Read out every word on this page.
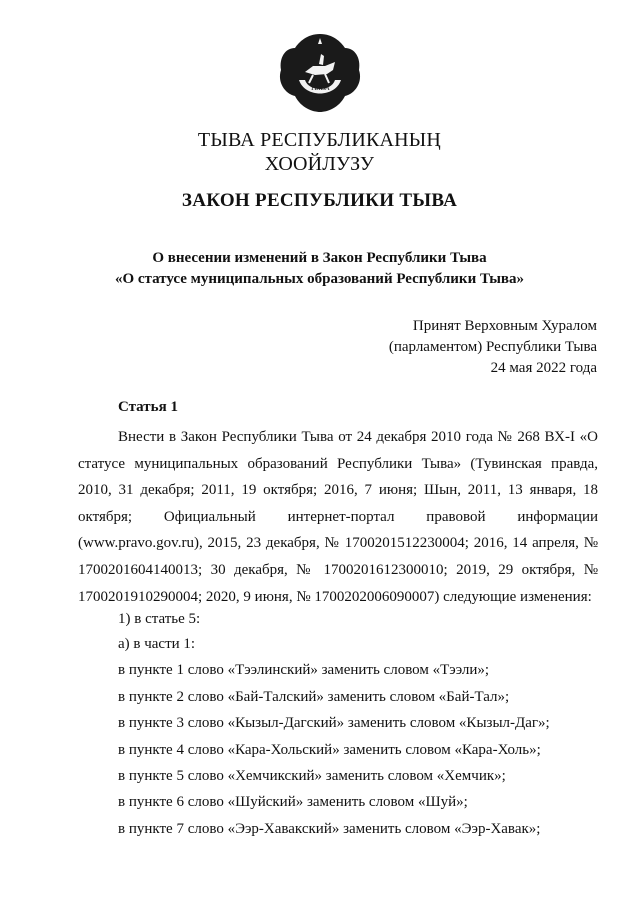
ТЫВА
ТЫВА РЕСПУБЛИКАНЫҢ
ХООЙЛУЗУ
ЗАКОН РЕСПУБЛИКИ ТЫВА
О внесении изменений в Закон Республики Тыва
«О статусе муниципальных образований Республики Тыва»
Принят Верховным Хуралом
(парламентом) Республики Тыва
24 мая 2022 года
Статья 1
Внести в Закон Республики Тыва от 24 декабря 2010 года № 268 ВХ-I «О статусе муниципальных образований Республики Тыва» (Тувинская правда, 2010, 31 декабря; 2011, 19 октября; 2016, 7 июня; Шын, 2011, 13 января, 18 октября; Официальный интернет-портал правовой информации (www.pravo.gov.ru), 2015, 23 декабря, № 1700201512230004; 2016, 14 апреля, № 1700201604140013; 30 декабря, № 1700201612300010; 2019, 29 октября, № 1700201910290004; 2020, 9 июня, № 1700202006090007) следующие изменения:
1) в статье 5:
а) в части 1:
в пункте 1 слово «Тээлинский» заменить словом «Тээли»;
в пункте 2 слово «Бай-Талский» заменить словом «Бай-Тал»;
в пункте 3 слово «Кызыл-Дагский» заменить словом «Кызыл-Даг»;
в пункте 4 слово «Кара-Хольский» заменить словом «Кара-Холь»;
в пункте 5 слово «Хемчикский» заменить словом «Хемчик»;
в пункте 6 слово «Шуйский» заменить словом «Шуй»;
в пункте 7 слово «Ээр-Хавакский» заменить словом «Ээр-Хавак»;
